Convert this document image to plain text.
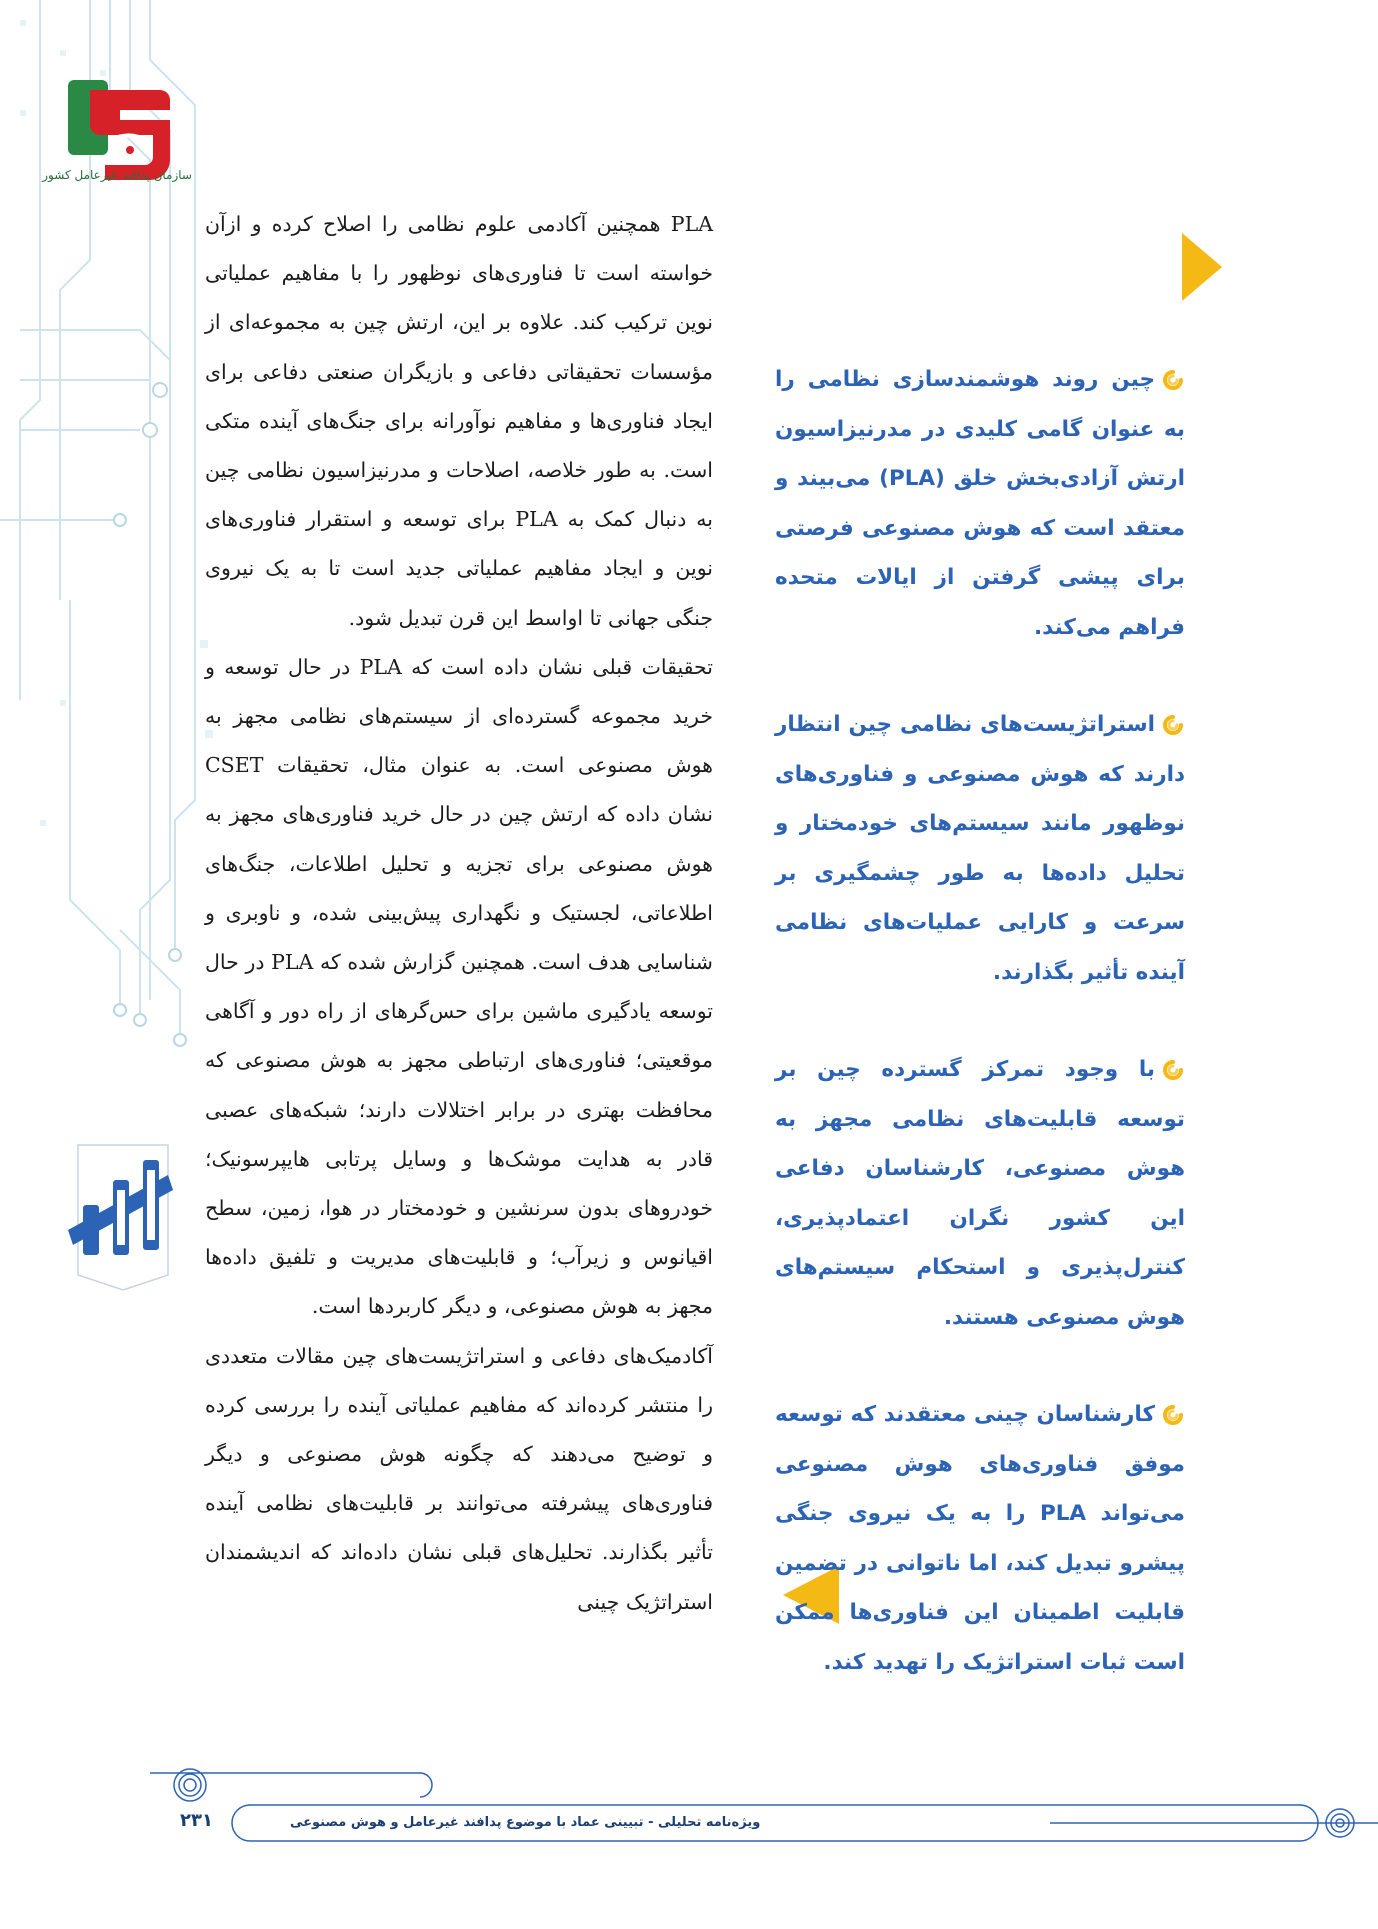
سازمان پدافند غیرعامل کشور

PLA همچنین آکادمی علوم نظامی را اصلاح کرده و ازآن خواسته است تا فناوری‌های نوظهور را با مفاهیم عملیاتی نوین ترکیب کند. علاوه بر این، ارتش چین به مجموعه‌ای از مؤسسات تحقیقاتی دفاعی و بازیگران صنعتی دفاعی برای ایجاد فناوری‌ها و مفاهیم نوآورانه برای جنگ‌های آینده متکی است. به طور خلاصه، اصلاحات و مدرنیزاسیون نظامی چین به دنبال کمک به PLA برای توسعه و استقرار فناوری‌های نوین و ایجاد مفاهیم عملیاتی جدید است تا به یک نیروی جنگی جهانی تا اواسط این قرن تبدیل شود.

تحقیقات قبلی نشان داده است که PLA در حال توسعه و خرید مجموعه گسترده‌ای از سیستم‌های نظامی مجهز به هوش مصنوعی است. به عنوان مثال، تحقیقات CSET نشان داده که ارتش چین در حال خرید فناوری‌های مجهز به هوش مصنوعی برای تجزیه و تحلیل اطلاعات، جنگ‌های اطلاعاتی، لجستیک و نگهداری پیش‌بینی شده، و ناوبری و شناسایی هدف است. همچنین گزارش شده که PLA در حال توسعه یادگیری ماشین برای حس‌گرهای از راه دور و آگاهی موقعیتی؛ فناوری‌های ارتباطی مجهز به هوش مصنوعی که محافظت بهتری در برابر اختلالات دارند؛ شبکه‌های عصبی قادر به هدایت موشک‌ها و وسایل پرتابی هایپرسونیک؛ خودروهای بدون سرنشین و خودمختار در هوا، زمین، سطح اقیانوس و زیرآب؛ و قابلیت‌های مدیریت و تلفیق داده‌ها مجهز به هوش مصنوعی، و دیگر کاربردها است.

آکادمیک‌های دفاعی و استراتژیست‌های چین مقالات متعددی را منتشر کرده‌اند که مفاهیم عملیاتی آینده را بررسی کرده و توضیح می‌دهند که چگونه هوش مصنوعی و دیگر فناوری‌های پیشرفته می‌توانند بر قابلیت‌های نظامی آینده تأثیر بگذارند. تحلیل‌های قبلی نشان داده‌اند که اندیشمندان استراتژیک چینی

چین روند هوشمندسازی نظامی را به عنوان گامی کلیدی در مدرنیزاسیون ارتش آزادی‌بخش خلق (PLA) می‌بیند و معتقد است که هوش مصنوعی فرصتی برای پیشی گرفتن از ایالات متحده فراهم می‌کند.
استراتژیست‌های نظامی چین انتظار دارند که هوش مصنوعی و فناوری‌های نوظهور مانند سیستم‌های خودمختار و تحلیل داده‌ها به طور چشمگیری بر سرعت و کارایی عملیات‌های نظامی آینده تأثیر بگذارند.
با وجود تمرکز گسترده چین بر توسعه قابلیت‌های نظامی مجهز به هوش مصنوعی، کارشناسان دفاعی این کشور نگران اعتمادپذیری، کنترل‌پذیری و استحکام سیستم‌های هوش مصنوعی هستند.
کارشناسان چینی معتقدند که توسعه موفق فناوری‌های هوش مصنوعی می‌تواند PLA را به یک نیروی جنگی پیشرو تبدیل کند، اما ناتوانی در تضمین قابلیت اطمینان این فناوری‌ها ممکن است ثبات استراتژیک را تهدید کند.
۲۳۱	ویژه‌نامه تحلیلی - تبیینی عماد با موضوع پدافند غیرعامل و هوش مصنوعی
